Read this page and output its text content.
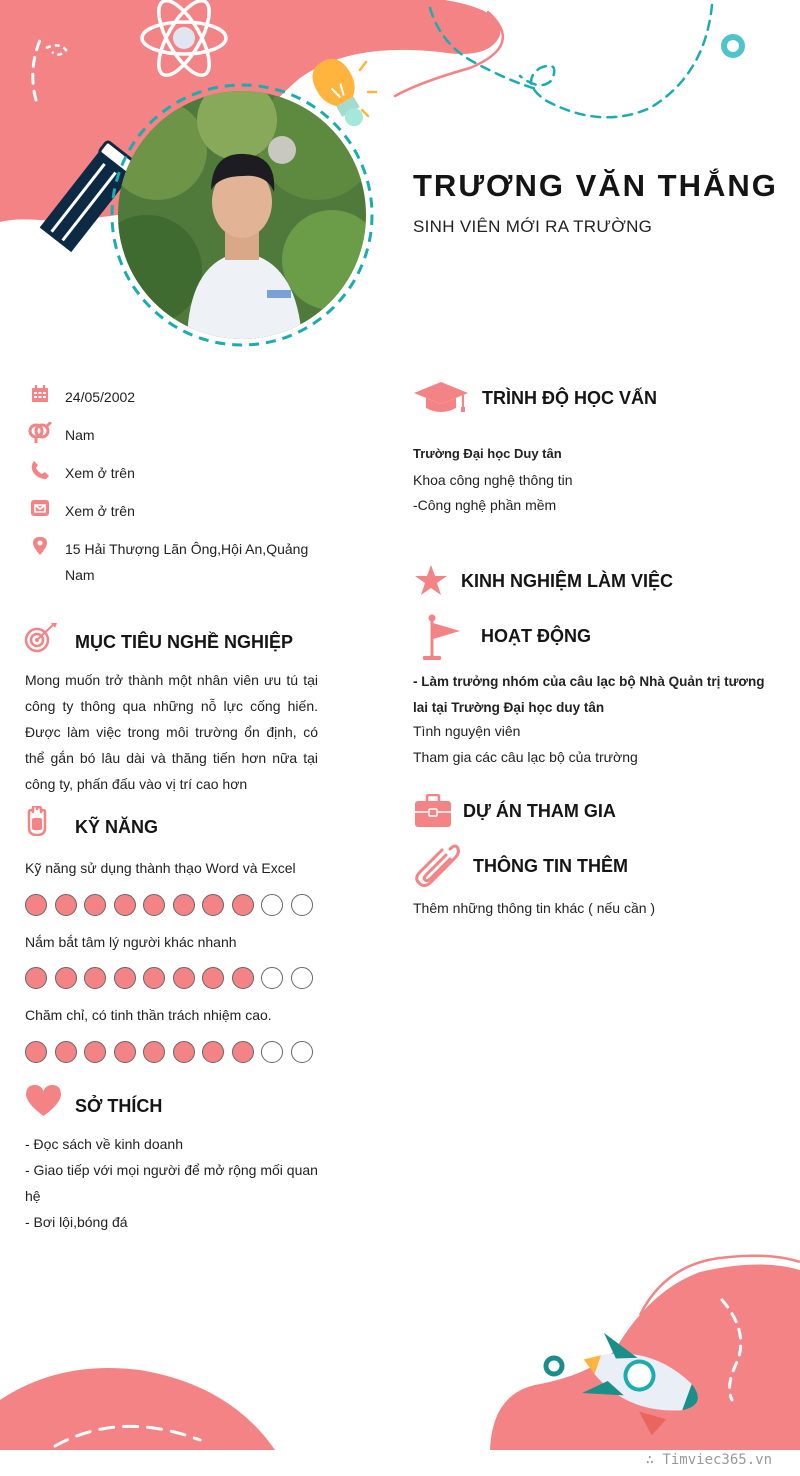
TRƯƠNG VĂN THẮNG
SINH VIÊN MỚI RA TRƯỜNG
24/05/2002
Nam
Xem ở trên
Xem ở trên
15 Hải Thượng Lãn Ông,Hội An,Quảng Nam
MỤC TIÊU NGHỀ NGHIỆP
Mong muốn trở thành một nhân viên ưu tú tại công ty thông qua những nỗ lực cống hiến. Được làm việc trong môi trường ổn định, có thể gắn bó lâu dài và thăng tiến hơn nữa tại công ty, phấn đấu vào vị trí cao hơn
KỸ NĂNG
Kỹ năng sử dụng thành thạo Word và Excel
Nắm bắt tâm lý người khác nhanh
Chăm chỉ, có tinh thần trách nhiệm cao.
SỞ THÍCH
- Đọc sách về kinh doanh
- Giao tiếp với mọi người để mở rộng mối quan hệ
- Bơi lội,bóng đá
TRÌNH ĐỘ HỌC VẤN
Trường Đại học Duy tân
Khoa công nghệ thông tin
-Công nghệ phần mềm
KINH NGHIỆM LÀM VIỆC
HOẠT ĐỘNG
- Làm trưởng nhóm của câu lạc bộ Nhà Quản trị tương lai tại Trường Đại học duy tân
Tình nguyện viên
Tham gia các câu lạc bộ của trường
DỰ ÁN THAM GIA
THÔNG TIN THÊM
Thêm những thông tin khác ( nếu cần )
∴ Timviec365.vn
